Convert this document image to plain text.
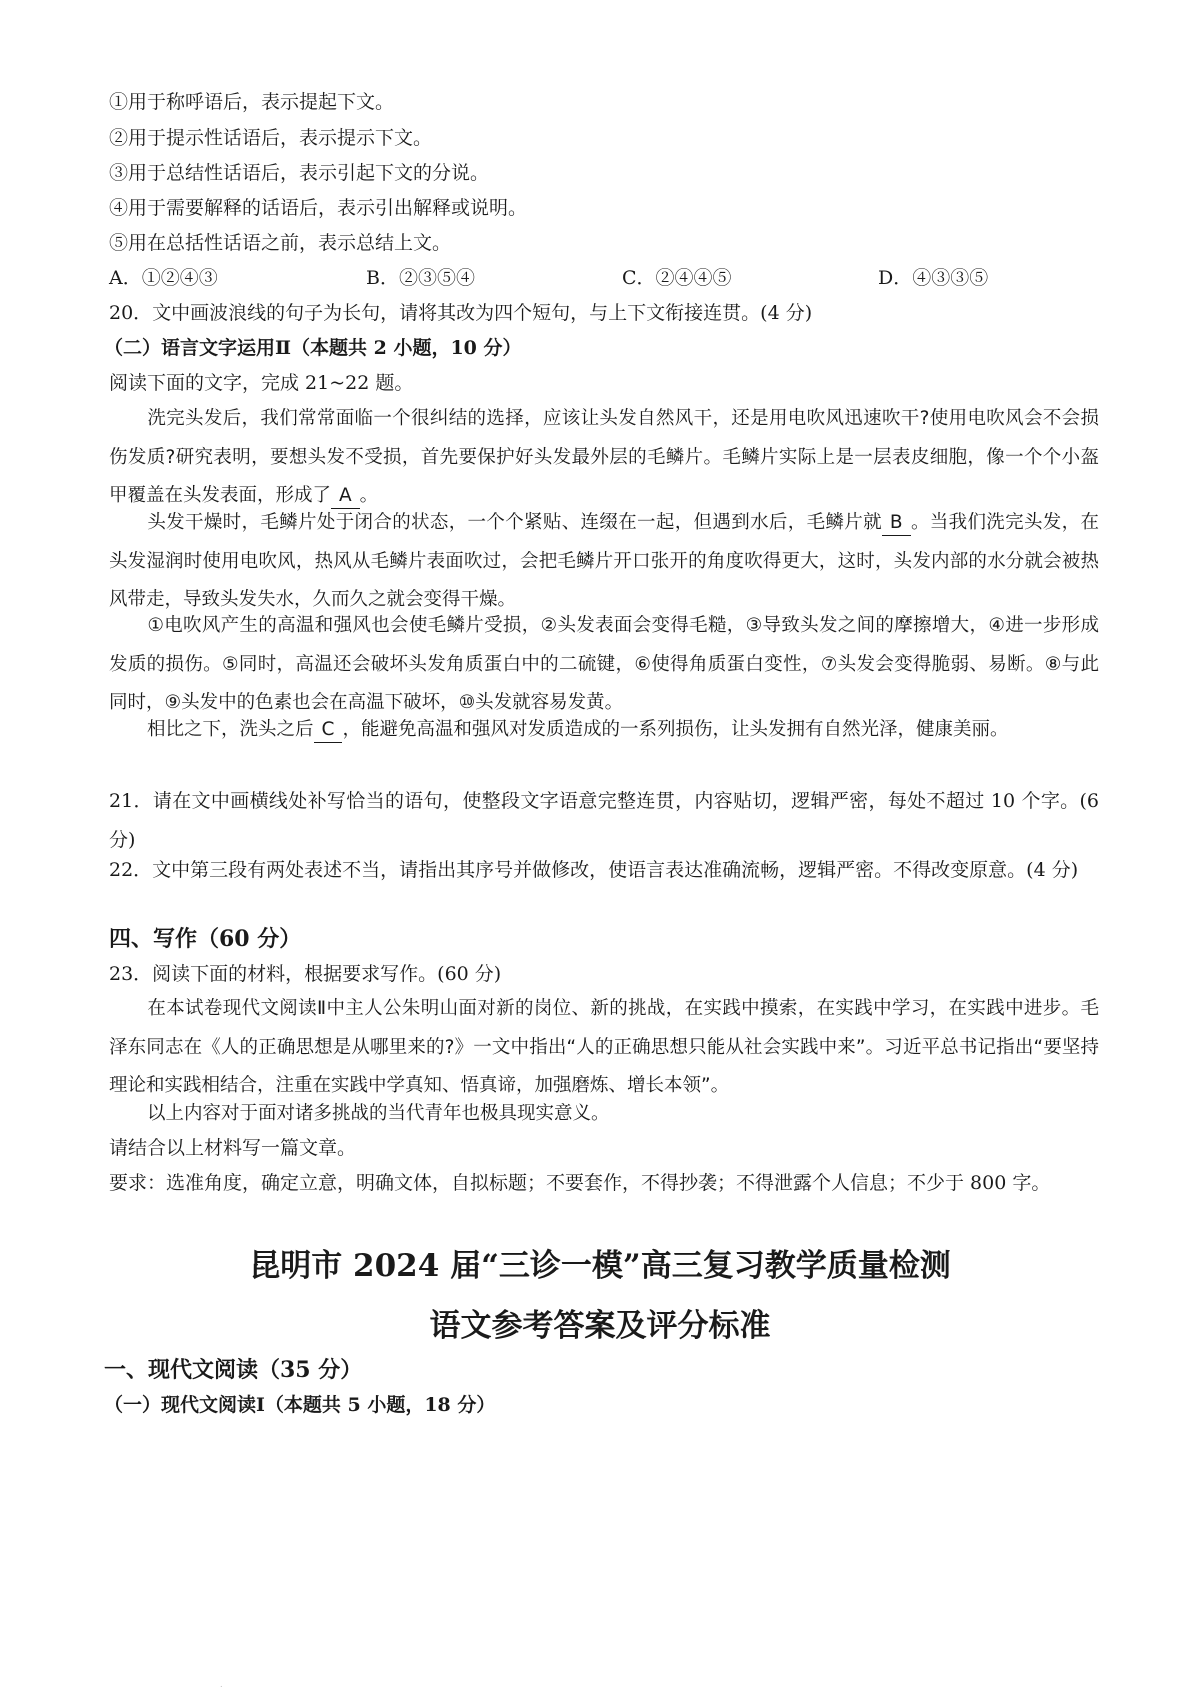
①用于称呼语后，表示提起下文。
②用于提示性话语后，表示提示下文。
③用于总结性话语后，表示引起下文的分说。
④用于需要解释的话语后，表示引出解释或说明。
⑤用在总括性话语之前，表示总结上文。
A．①②④③	B．②③⑤④	C．②④④⑤	D．④③③⑤
20．文中画波浪线的句子为长句，请将其改为四个短句，与上下文衔接连贯。(4 分)
（二）语言文字运用Ⅱ（本题共 2 小题，10 分）
阅读下面的文字，完成 21~22 题。
洗完头发后，我们常常面临一个很纠结的选择，应该让头发自然风干，还是用电吹风迅速吹干?使用电吹风会不会损伤发质?研究表明，要想头发不受损，首先要保护好头发最外层的毛鳞片。毛鳞片实际上是一层表皮细胞，像一个个小盔甲覆盖在头发表面，形成了 A 。
头发干燥时，毛鳞片处于闭合的状态，一个个紧贴、连缀在一起，但遇到水后，毛鳞片就 B 。当我们洗完头发，在头发湿润时使用电吹风，热风从毛鳞片表面吹过，会把毛鳞片开口张开的角度吹得更大，这时，头发内部的水分就会被热风带走，导致头发失水，久而久之就会变得干燥。
①电吹风产生的高温和强风也会使毛鳞片受损，②头发表面会变得毛糙，③导致头发之间的摩擦增大，④进一步形成发质的损伤。⑤同时，高温还会破坏头发角质蛋白中的二硫键，⑥使得角质蛋白变性，⑦头发会变得脆弱、易断。⑧与此同时，⑨头发中的色素也会在高温下破坏，⑩头发就容易发黄。
相比之下，洗头之后 C ，能避免高温和强风对发质造成的一系列损伤，让头发拥有自然光泽，健康美丽。
21．请在文中画横线处补写恰当的语句，使整段文字语意完整连贯，内容贴切，逻辑严密，每处不超过 10 个字。(6 分)
22．文中第三段有两处表述不当，请指出其序号并做修改，使语言表达准确流畅，逻辑严密。不得改变原意。(4 分)
四、写作（60 分）
23．阅读下面的材料，根据要求写作。(60 分)
在本试卷现代文阅读Ⅱ中主人公朱明山面对新的岗位、新的挑战，在实践中摸索，在实践中学习，在实践中进步。毛泽东同志在《人的正确思想是从哪里来的?》一文中指出“人的正确思想只能从社会实践中来”。习近平总书记指出“要坚持理论和实践相结合，注重在实践中学真知、悟真谛，加强磨炼、增长本领”。
以上内容对于面对诸多挑战的当代青年也极具现实意义。
请结合以上材料写一篇文章。
要求：选准角度，确定立意，明确文体，自拟标题；不要套作，不得抄袭；不得泄露个人信息；不少于 800 字。
昆明市 2024 届“三诊一模”高三复习教学质量检测
语文参考答案及评分标准
一、现代文阅读（35 分）
（一）现代文阅读Ⅰ（本题共 5 小题，18 分）
.
